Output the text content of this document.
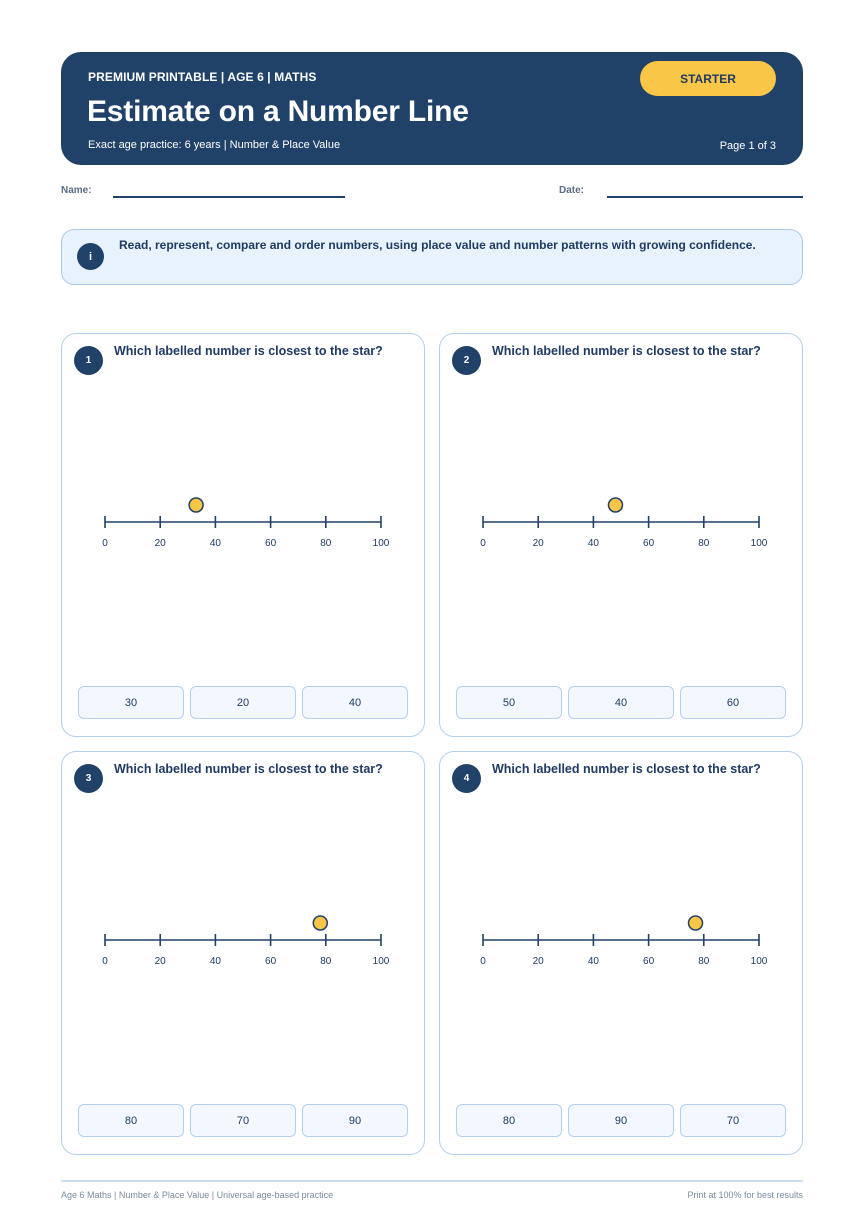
PREMIUM PRINTABLE | AGE 6 | MATHS
Estimate on a Number Line
Exact age practice: 6 years | Number & Place Value	Page 1 of 3
STARTER
Name:	Date:
i
Read, represent, compare and order numbers, using place value and number patterns with growing confidence.
1
Which labelled number is closest to the star?
0	20	40	60	80	100
30	20	40
2
Which labelled number is closest to the star?
0	20	40	60	80	100
50	40	60
3
Which labelled number is closest to the star?
0	20	40	60	80	100
80	70	90
4
Which labelled number is closest to the star?
0	20	40	60	80	100
80	90	70
Age 6 Maths | Number & Place Value | Universal age-based practice	Print at 100% for best results
